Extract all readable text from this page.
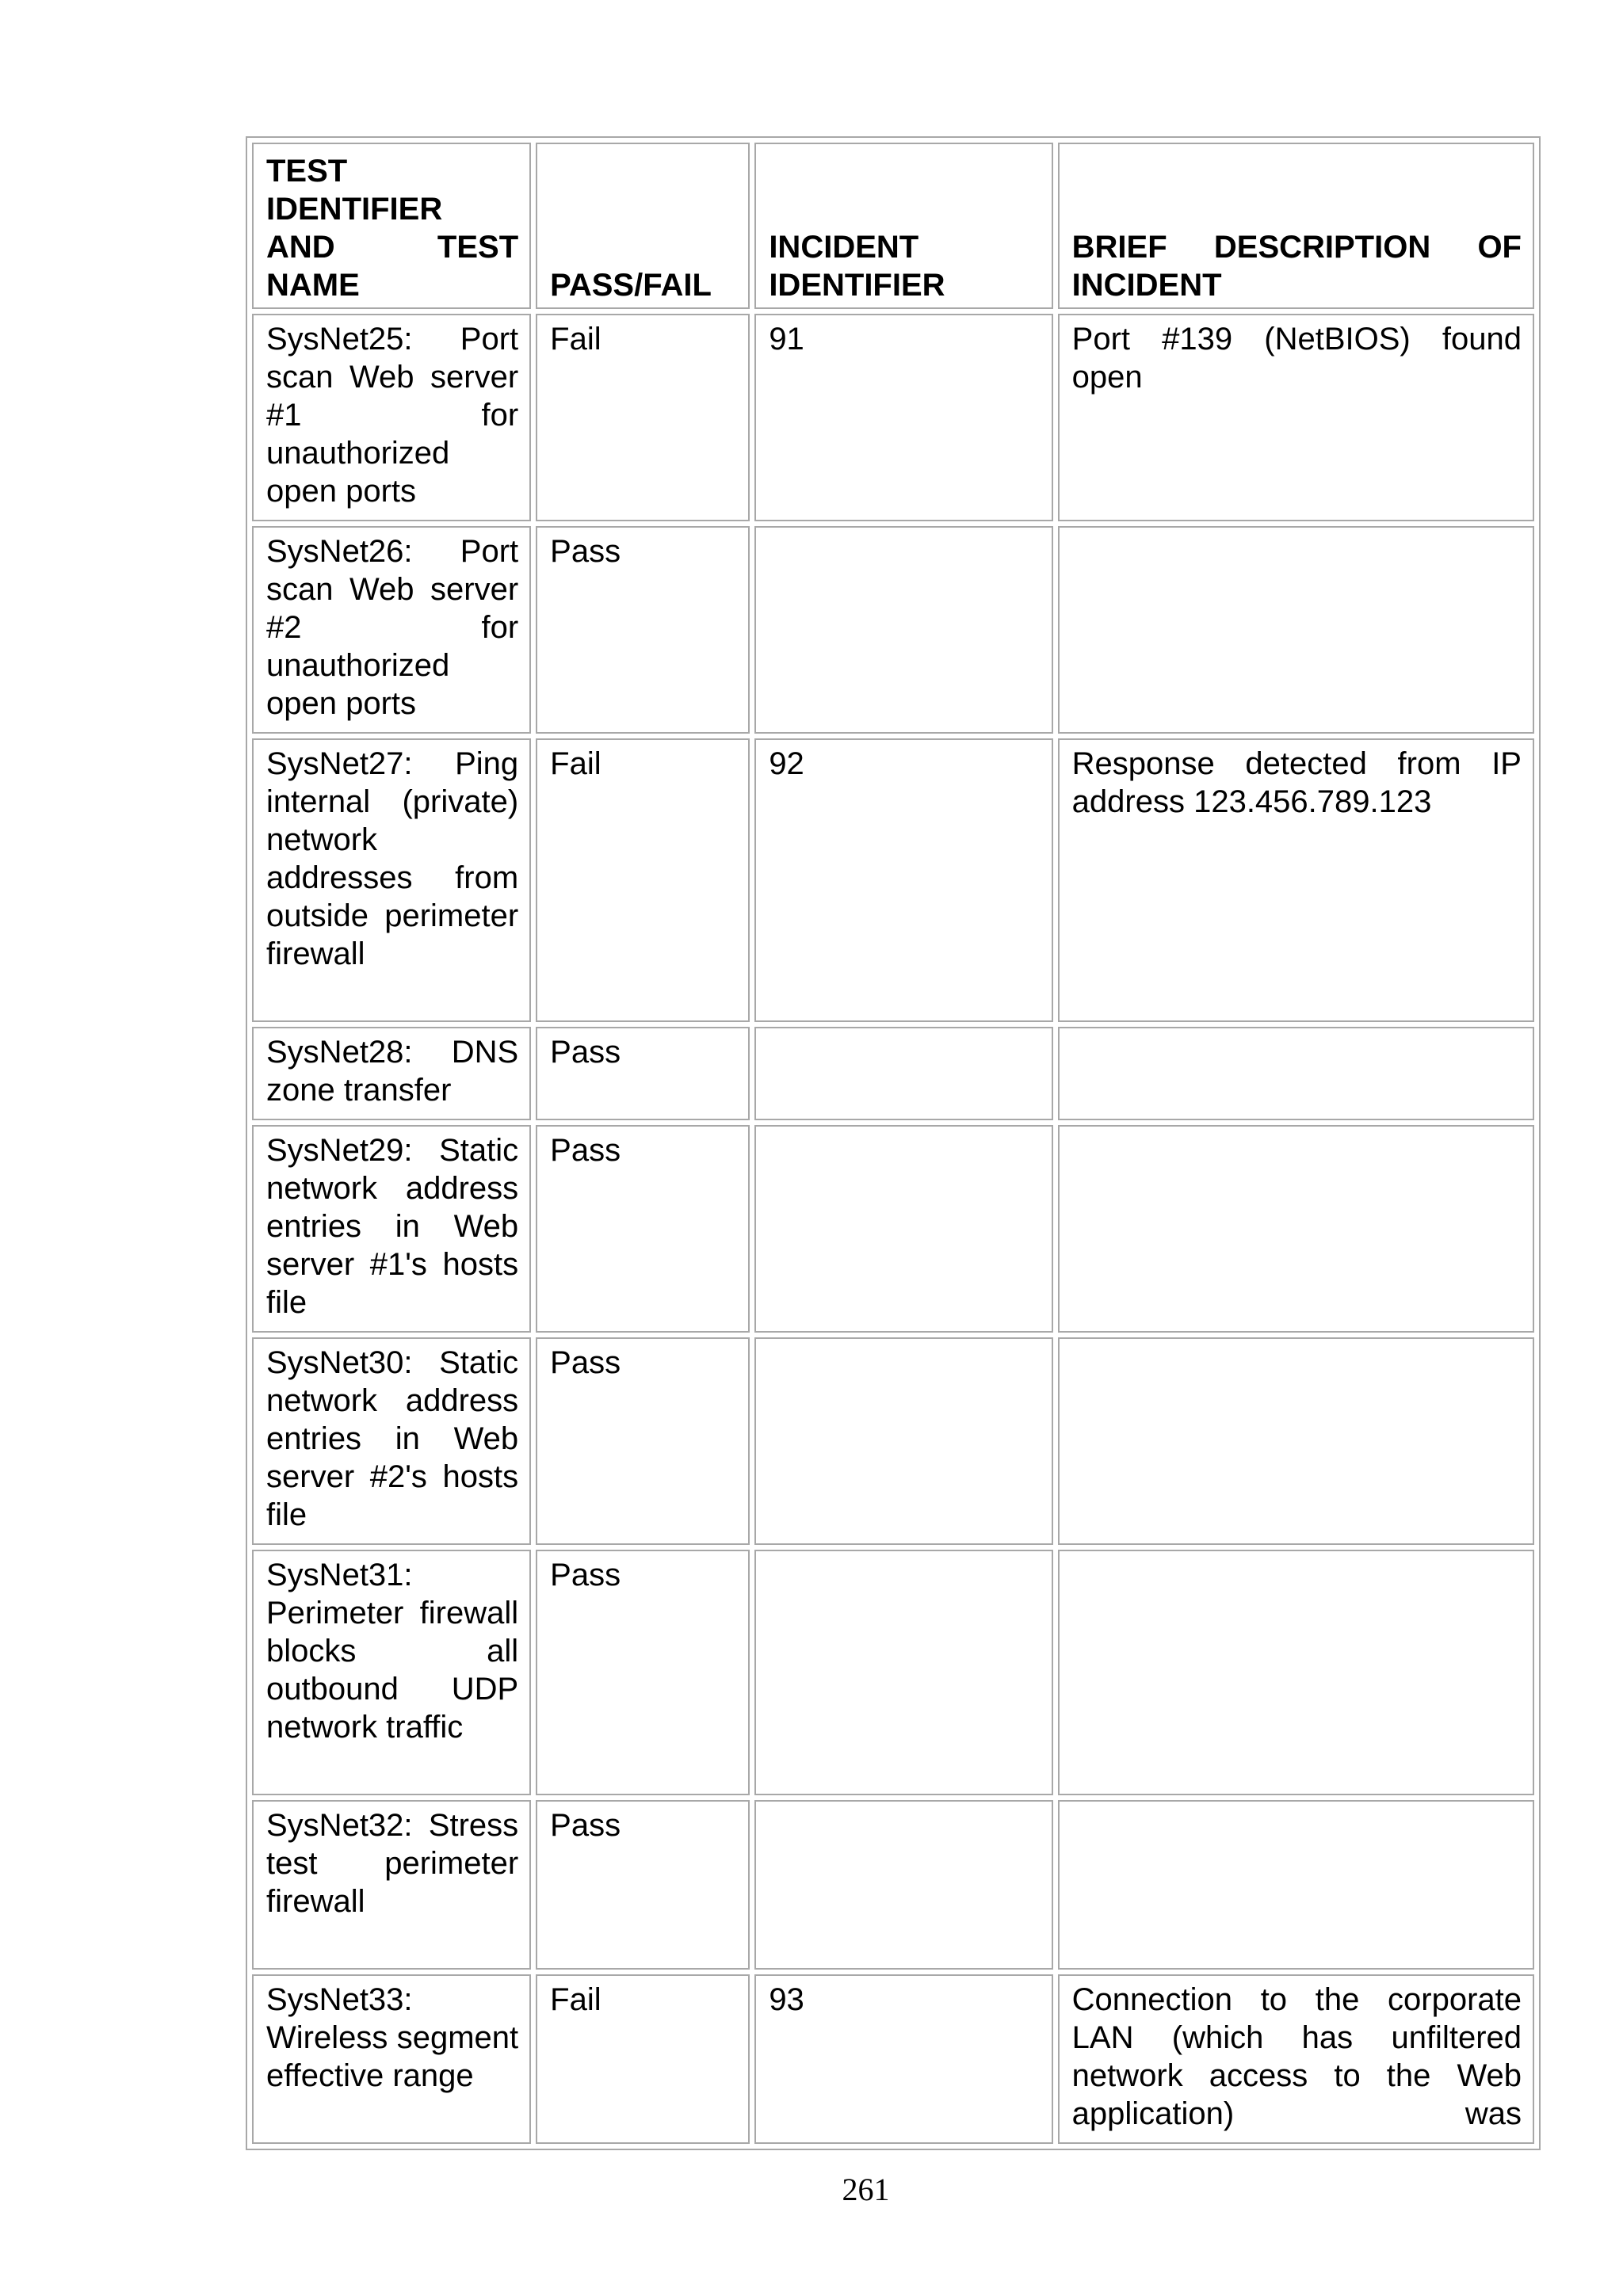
TEST IDENTIFIER AND TEST NAME	PASS/FAIL	INCIDENT IDENTIFIER	BRIEF DESCRIPTION OF INCIDENT
SysNet25: Port scan Web server #1 for unauthorized open ports	Fail	91	Port #139 (NetBIOS) found open
SysNet26: Port scan Web server #2 for unauthorized open ports	Pass		
SysNet27: Ping internal (private) network addresses from outside perimeter firewall	Fail	92	Response detected from IP address 123.456.789.123
SysNet28: DNS zone transfer	Pass		
SysNet29: Static network address entries in Web server #1's hosts file	Pass		
SysNet30: Static network address entries in Web server #2's hosts file	Pass		
SysNet31: Perimeter firewall blocks all outbound UDP network traffic	Pass		
SysNet32: Stress test perimeter firewall	Pass		
SysNet33: Wireless segment effective range	Fail	93	Connection to the corporate LAN (which has unfiltered network access to the Web application) was
261
